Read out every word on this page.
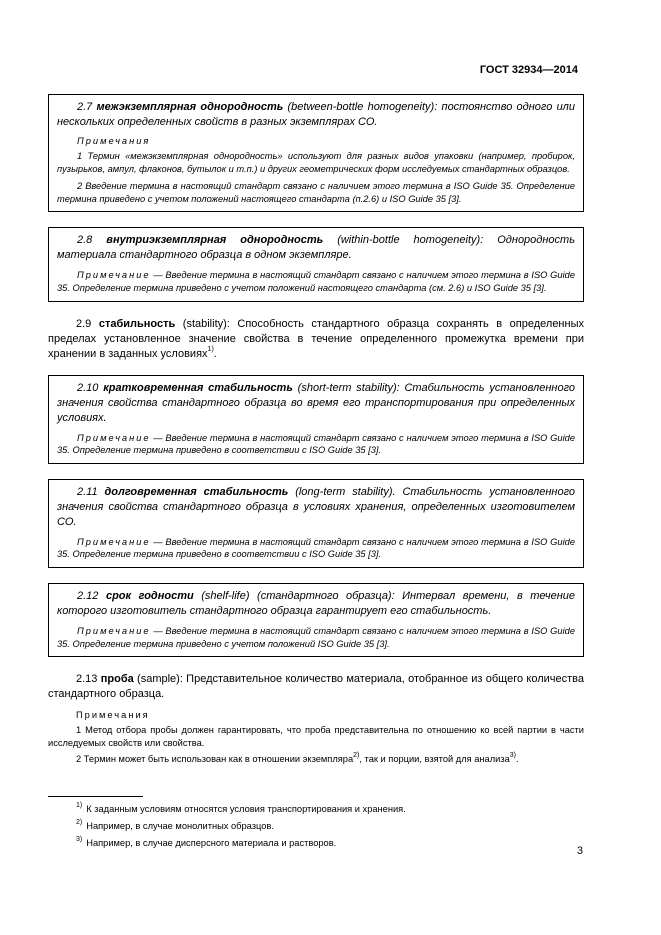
ГОСТ 32934—2014

2.7 межэкземплярная однородность (between-bottle homogeneity): постоянство одного или нескольких определенных свойств в разных экземплярах СО.

Примечания

1 Термин «межэкземплярная однородность» используют для разных видов упаковки (например, пробирок, пузырьков, ампул, флаконов, бутылок и т.п.) и других геометрических форм исследуемых стандартных образцов.

2 Введение термина в настоящий стандарт связано с наличием этого термина в ISO Guide 35. Определение термина приведено с учетом положений настоящего стандарта (п.2.6) и ISO Guide 35 [3].

2.8 внутриэкземплярная однородность (within-bottle homogeneity): Однородность материала стандартного образца в одном экземпляре.

Примечание — Введение термина в настоящий стандарт связано с наличием этого термина в ISO Guide 35. Определение термина приведено с учетом положений настоящего стандарта (см. 2.6) и ISO Guide 35 [3].

2.9 стабильность (stability): Способность стандартного образца сохранять в определенных пределах установленное значение свойства в течение определенного промежутка времени при хранении в заданных условиях$^{1)}$.

2.10 кратковременная стабильность (short-term stability): Стабильность установленного значения свойства стандартного образца во время его транспортирования при определенных условиях.

Примечание — Введение термина в настоящий стандарт связано с наличием этого термина в ISO Guide 35. Определение термина приведено в соответствии с ISO Guide 35 [3].

2.11 долговременная стабильность (long-term stability). Стабильность установленного значения свойства стандартного образца в условиях хранения, определенных изготовителем СО.

Примечание — Введение термина в настоящий стандарт связано с наличием этого термина в ISO Guide 35. Определение термина приведено в соответствии с ISO Guide 35 [3].

2.12 срок годности (shelf-life) (стандартного образца): Интервал времени, в течение которого изготовитель стандартного образца гарантирует его стабильность.

Примечание — Введение термина в настоящий стандарт связано с наличием этого термина в ISO Guide 35. Определение термина приведено с учетом положений ISO Guide 35 [3].

2.13 проба (sample): Представительное количество материала, отобранное из общего количества стандартного образца.

Примечания

1 Метод отбора пробы должен гарантировать, что проба представительна по отношению ко всей партии в части исследуемых свойств или свойства.

2 Термин может быть использован как в отношении экземпляра$^{2)}$, так и порции, взятой для анализа$^{3)}$.

$^{1)}$ К заданным условиям относятся условия транспортирования и хранения.

$^{2)}$ Например, в случае монолитных образцов.

$^{3)}$ Например, в случае дисперсного материала и растворов.

3
